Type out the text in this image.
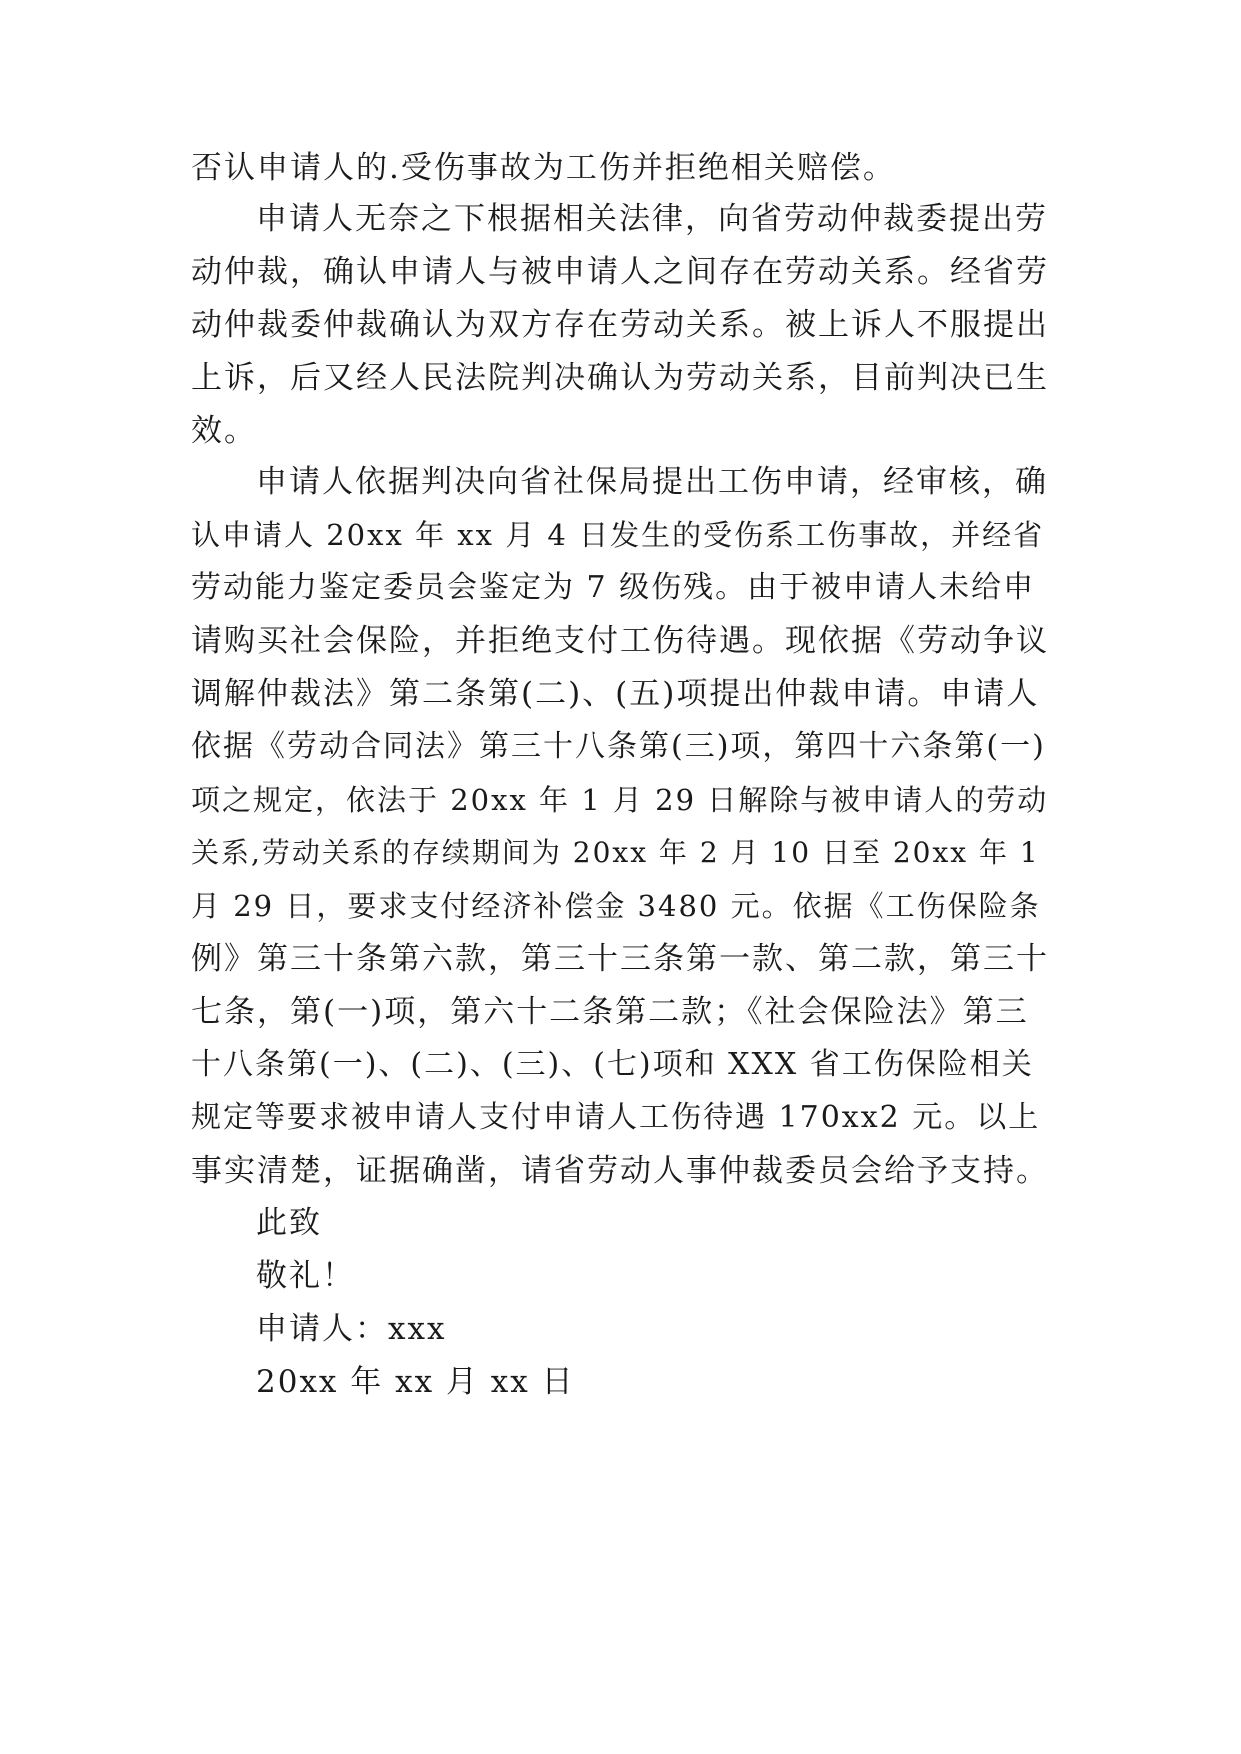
否认申请人的.受伤事故为工伤并拒绝相关赔偿。
申请人无奈之下根据相关法律，向省劳动仲裁委提出劳
动仲裁，确认申请人与被申请人之间存在劳动关系。经省劳
动仲裁委仲裁确认为双方存在劳动关系。被上诉人不服提出
上诉，后又经人民法院判决确认为劳动关系，目前判决已生
效。
申请人依据判决向省社保局提出工伤申请，经审核，确
认申请人 20xx 年 xx 月 4 日发生的受伤系工伤事故，并经省
劳动能力鉴定委员会鉴定为 7 级伤残。由于被申请人未给申
请购买社会保险，并拒绝支付工伤待遇。现依据《劳动争议
调解仲裁法》第二条第(二)、(五)项提出仲裁申请。申请人
依据《劳动合同法》第三十八条第(三)项，第四十六条第(一)
项之规定，依法于 20xx 年 1 月 29 日解除与被申请人的劳动
关系,劳动关系的存续期间为 20xx 年 2 月 10 日至 20xx 年 1
月 29 日，要求支付经济补偿金 3480 元。依据《工伤保险条
例》第三十条第六款，第三十三条第一款、第二款，第三十
七条，第(一)项，第六十二条第二款；《社会保险法》第三
十八条第(一)、(二)、(三)、(七)项和 XXX 省工伤保险相关
规定等要求被申请人支付申请人工伤待遇 170xx2 元。以上
事实清楚，证据确凿，请省劳动人事仲裁委员会给予支持。
此致
敬礼！
申请人：xxx
20xx 年 xx 月 xx 日
